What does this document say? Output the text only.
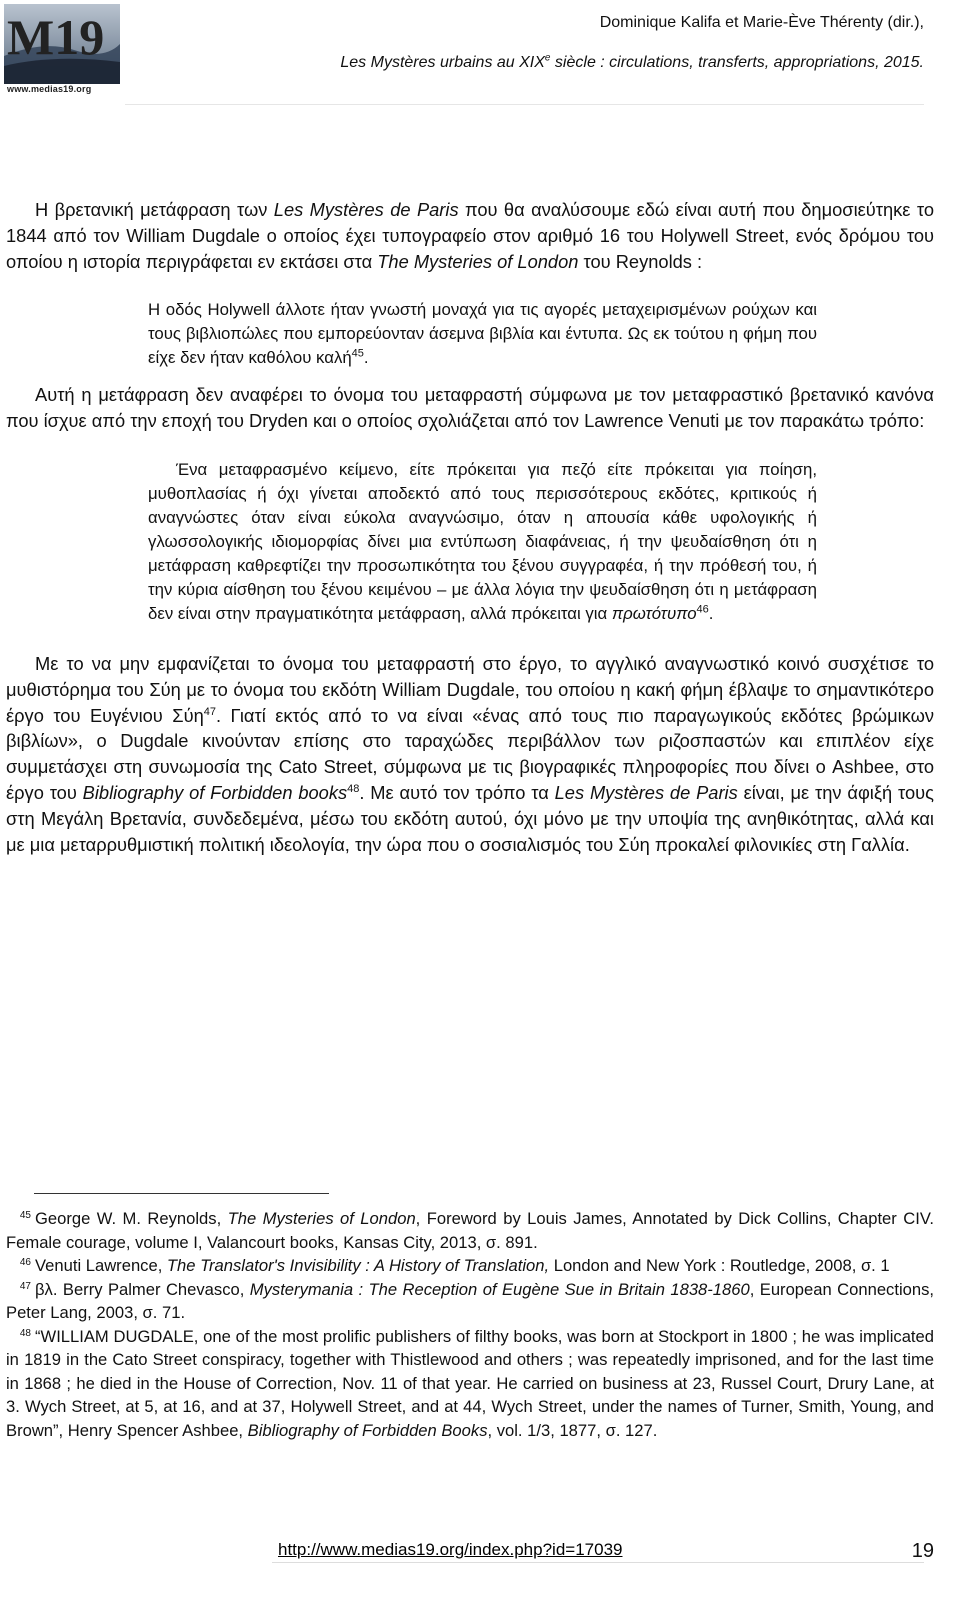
M19
www.medias19.org
Dominique Kalifa et Marie-Ève Thérenty (dir.),
Les Mystères urbains au XIXe siècle : circulations, transferts, appropriations, 2015.

Η βρετανική μετάφραση των Les Mystères de Paris που θα αναλύσουμε εδώ είναι αυτή που δημοσιεύτηκε το 1844 από τον William Dugdale ο οποίος έχει τυπογραφείο στον αριθμό 16 του Holywell Street, ενός δρόμου του οποίου η ιστορία περιγράφεται εν εκτάσει στα The Mysteries of London του Reynolds :

Η οδός Holywell άλλοτε ήταν γνωστή μοναχά για τις αγορές μεταχειρισμένων ρούχων και τους βιβλιοπώλες που εμπορεύονταν άσεμνα βιβλία και έντυπα. Ως εκ τούτου η φήμη που είχε δεν ήταν καθόλου καλή$^{45}$.

Αυτή η μετάφραση δεν αναφέρει το όνομα του μεταφραστή σύμφωνα με τον μεταφραστικό βρετανικό κανόνα που ίσχυε από την εποχή του Dryden και ο οποίος σχολιάζεται από τον Lawrence Venuti με τον παρακάτω τρόπο:

Ένα μεταφρασμένο κείμενο, είτε πρόκειται για πεζό είτε πρόκειται για ποίηση, μυθοπλασίας ή όχι γίνεται αποδεκτό από τους περισσότερους εκδότες, κριτικούς ή αναγνώστες όταν είναι εύκολα αναγνώσιμο, όταν η απουσία κάθε υφολογικής ή γλωσσολογικής ιδιομορφίας δίνει μια εντύπωση διαφάνειας, ή την ψευδαίσθηση ότι η μετάφραση καθρεφτίζει την προσωπικότητα του ξένου συγγραφέα, ή την πρόθεσή του, ή την κύρια αίσθηση του ξένου κειμένου – με άλλα λόγια την ψευδαίσθηση ότι η μετάφραση δεν είναι στην πραγματικότητα μετάφραση, αλλά πρόκειται για πρωτότυπο$^{46}$.

Με το να μην εμφανίζεται το όνομα του μεταφραστή στο έργο, το αγγλικό αναγνωστικό κοινό συσχέτισε το μυθιστόρημα του Σύη με το όνομα του εκδότη William Dugdale, του οποίου η κακή φήμη έβλαψε το σημαντικότερο έργο του Ευγένιου Σύη$^{47}$. Γιατί εκτός από το να είναι «ένας από τους πιο παραγωγικούς εκδότες βρώμικων βιβλίων», ο Dugdale κινούνταν επίσης στο ταραχώδες περιβάλλον των ριζοσπαστών και επιπλέον είχε συμμετάσχει στη συνωμοσία της Cato Street, σύμφωνα με τις βιογραφικές πληροφορίες που δίνει ο Ashbee, στο έργο του Bibliography of Forbidden books$^{48}$. Με αυτό τον τρόπο τα Les Mystères de Paris είναι, με την άφιξή τους στη Μεγάλη Βρετανία, συνδεδεμένα, μέσω του εκδότη αυτού, όχι μόνο με την υποψία της ανηθικότητας, αλλά και με μια μεταρρυθμιστική πολιτική ιδεολογία, την ώρα που ο σοσιαλισμός του Σύη προκαλεί φιλονικίες στη Γαλλία.

45 George W. M. Reynolds, The Mysteries of London, Foreword by Louis James, Annotated by Dick Collins, Chapter CIV. Female courage, volume I, Valancourt books, Kansas City, 2013, σ. 891.

46 Venuti Lawrence, The Translator's Invisibility : A History of Translation, London and New York : Routledge, 2008, σ. 1

47 βλ. Berry Palmer Chevasco, Mysterymania : The Reception of Eugène Sue in Britain 1838-1860, European Connections, Peter Lang, 2003, σ. 71.

48 “WILLIAM DUGDALE, one of the most prolific publishers of filthy books, was born at Stockport in 1800 ; he was implicated in 1819 in the Cato Street conspiracy, together with Thistlewood and others ; was repeatedly imprisoned, and for the last time in 1868 ; he died in the House of Correction, Nov. 11 of that year. He carried on business at 23, Russel Court, Drury Lane, at 3. Wych Street, at 5, at 16, and at 37, Holywell Street, and at 44, Wych Street, under the names of Turner, Smith, Young, and Brown”, Henry Spencer Ashbee, Bibliography of Forbidden Books, vol. 1/3, 1877, σ. 127.

http://www.medias19.org/index.php?id=17039	19
